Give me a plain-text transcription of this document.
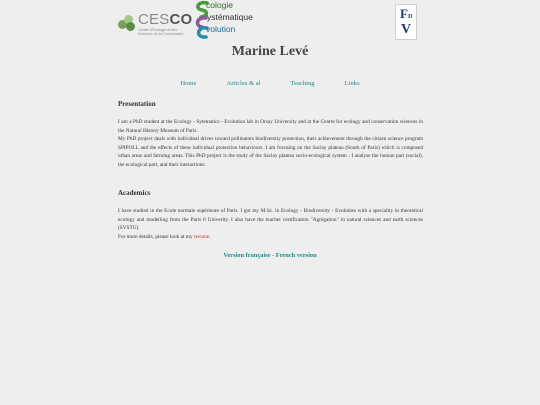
CESCO
Centre d'Écologie et des Sciences de la Conservation
cologie
ystématique
volution
F D
V
Marine Levé
Home	Articles & al	Teaching	Links
Presentation

I am a PhD student at the Ecology - Sytematics - Evolution lab in Orsay University and at the Centre for ecology and conservation sciences in the Natural History Museum of Paris.

My PhD project deals with individual drives toward pollinators biodiversity protection, their achievement through the citizen science program SPIPOLL and the effects of these individual protection behaviours. I am focusing on the Saclay plateau (South of Paris) which is composed urban areas and farming areas. This PhD project is the study of the Saclay plateau socio-ecological system : I analyse the human part (social), the ecological part, and their interactions.

Academics

I have studied in the Ecole normale supérieure of Paris. I got my M.Sc. in Ecology - Biodiversity - Evolution with a speciality in theoretical ecology and modelling from the Paris 6 Univerity. I also have the teacher certification "Agrégation" in natural sciences and earth sciences (SVSTU).

For more details, please look at my resume.

Version française - French version
